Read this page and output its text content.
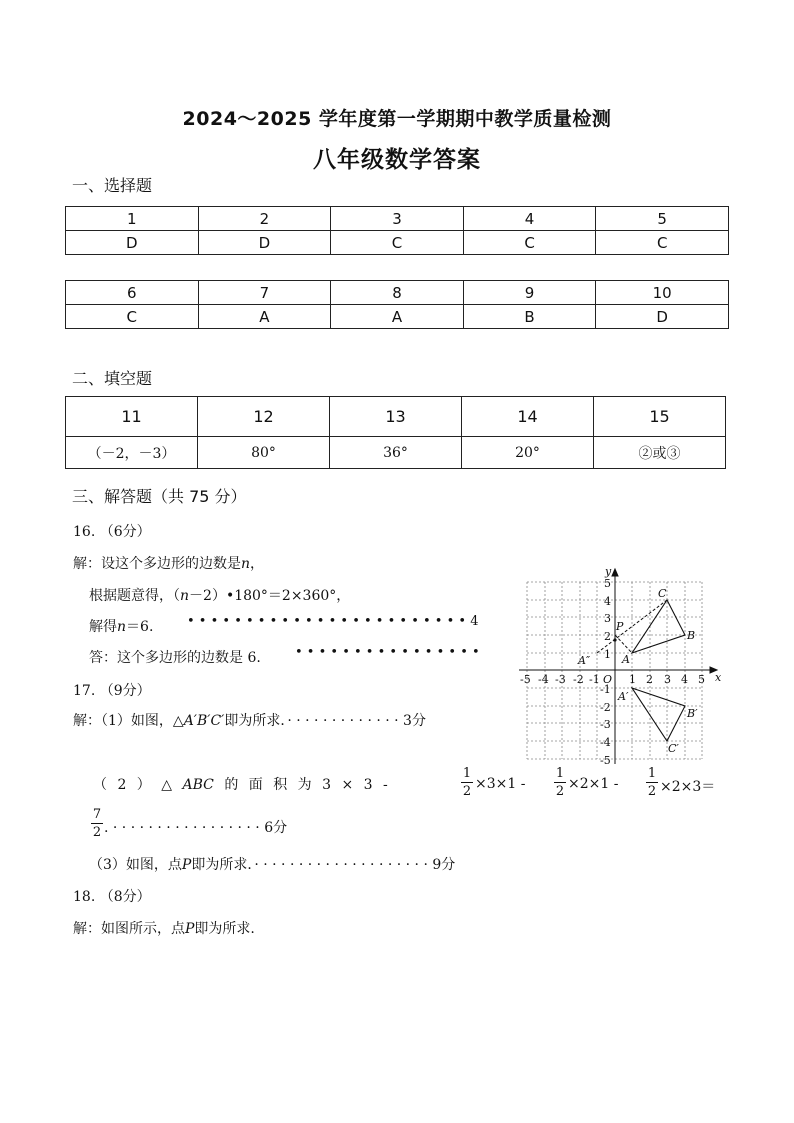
2024～2025 学年度第一学期期中教学质量检测
八年级数学答案
一、选择题
1	2	3	4	5
D	D	C	C	C
6	7	8	9	10
C	A	A	B	D
二、填空题
11	12	13	14	15
（－2，－3）	80°	36°	20°	②或③
三、解答题（共 75 分）
16. （6分）
解：设这个多边形的边数是n，
根据题意得，（n－2）•180°＝2×360°，
解得n＝6.	• • • • • • • • • • • • • • • • • • • • • • • • 4
答：这个多边形的边数是 6.	• • • • • • • • • • • • • • • •
17. （9分）
解：（1）如图，△A′B′C′即为所求．· · · · · · · · · · · · · 3分
（ 2 ） △ ABC 的 面 积 为 3 × 3 -
1
2 ×3×1 -
1
2 ×2×1 -
1
2 ×2×3＝
7
2 . · · · · · · · · · · · · · · · · · 6分
（3）如图，点P即为所求．· · · · · · · · · · · · · · · · · · · · 9分
18. （8分）
解：如图所示，点P即为所求.
x
y
O
-5 -4 -3 -2 -1	1 2 3 4 5
5
4
3
2
1
-1
-2
-3
-4
-5
C
B
A
P
A″
A′
B′
C′
